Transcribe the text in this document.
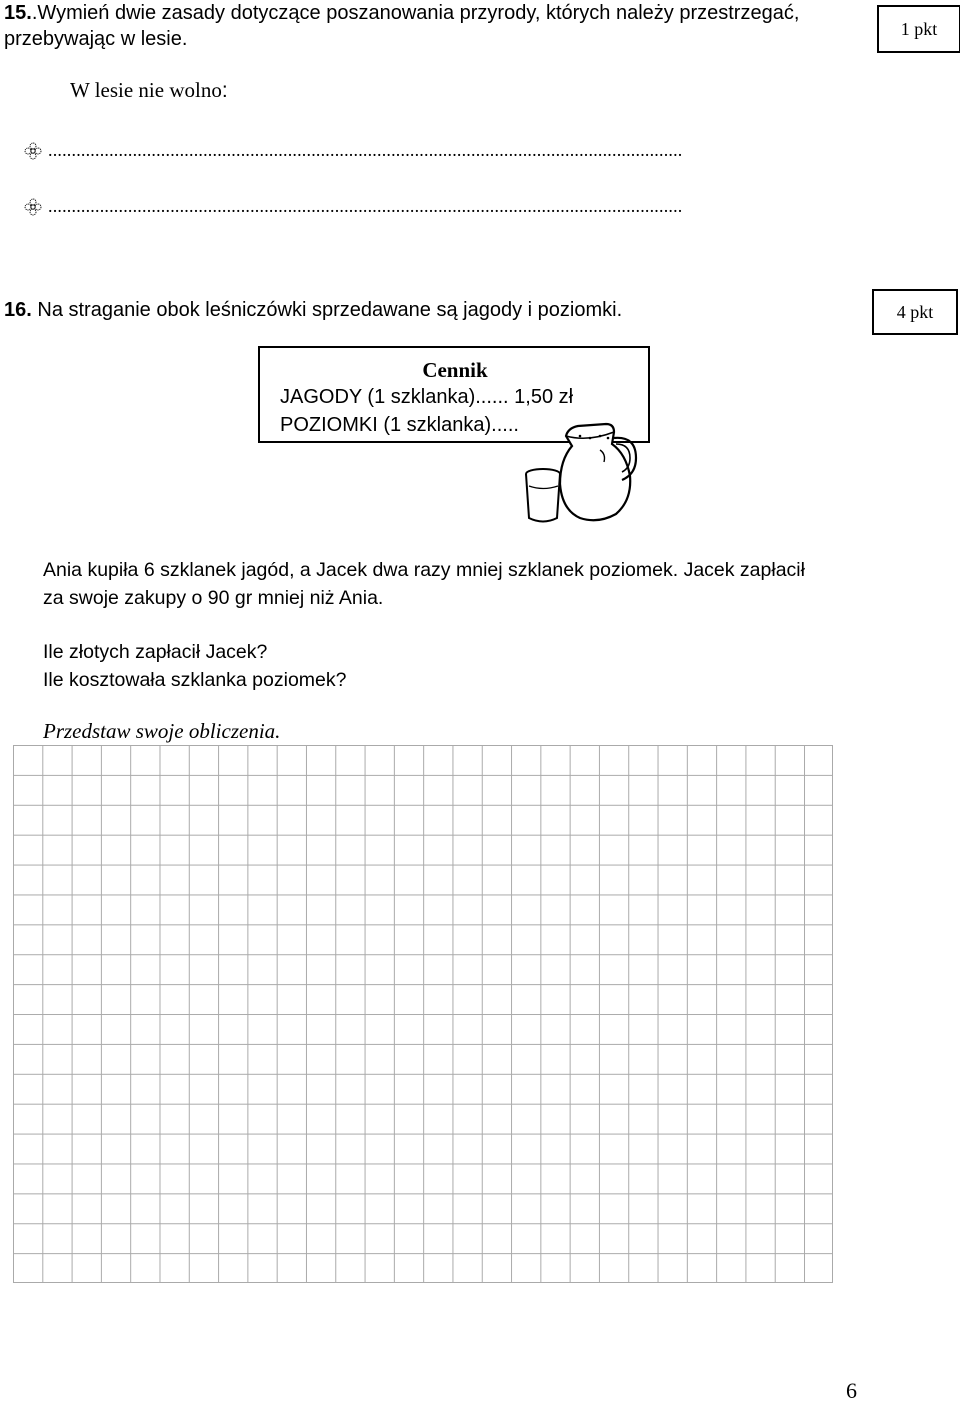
15..Wymień dwie zasady dotyczące poszanowania przyrody, których należy przestrzegać, przebywając w lesie.	1 pkt
W lesie nie wolno:
.......................................................................................................................................
.......................................................................................................................................
16. Na straganie obok leśniczówki sprzedawane są jagody i poziomki.	4 pkt
Cennik
JAGODY (1 szklanka)...... 1,50 zł
POZIOMKI (1 szklanka).....
Ania kupiła 6 szklanek jagód, a Jacek dwa razy mniej szklanek poziomek. Jacek zapłacił
za swoje zakupy o 90 gr mniej niż Ania.
Ile złotych zapłacił Jacek?
Ile kosztowała szklanka poziomek?
Przedstaw swoje obliczenia.
6
